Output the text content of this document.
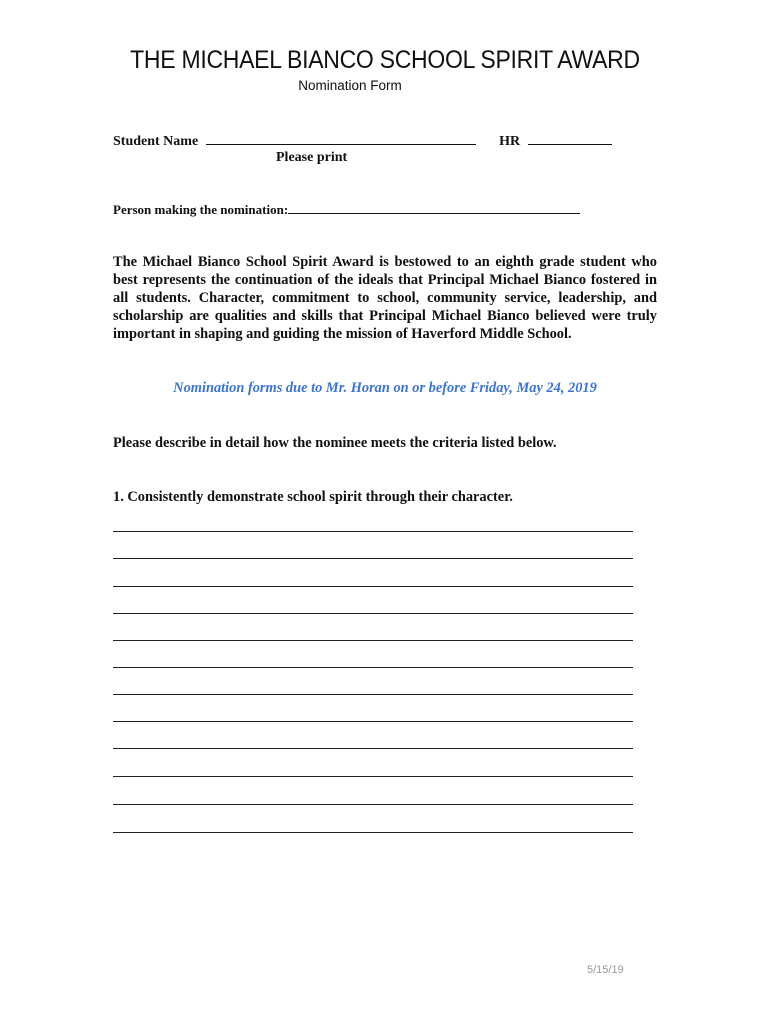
THE MICHAEL BIANCO SCHOOL SPIRIT AWARD
Nomination Form
Student Name	HR
Please print
Person making the nomination:
The Michael Bianco School Spirit Award is bestowed to an eighth grade student who best represents the continuation of the ideals that Principal Michael Bianco fostered in all students. Character, commitment to school, community service, leadership, and scholarship are qualities and skills that Principal Michael Bianco believed were truly important in shaping and guiding the mission of Haverford Middle School.
Nomination forms due to Mr. Horan on or before Friday, May 24, 2019
Please describe in detail how the nominee meets the criteria listed below.
1. Consistently demonstrate school spirit through their character.
5/15/19
